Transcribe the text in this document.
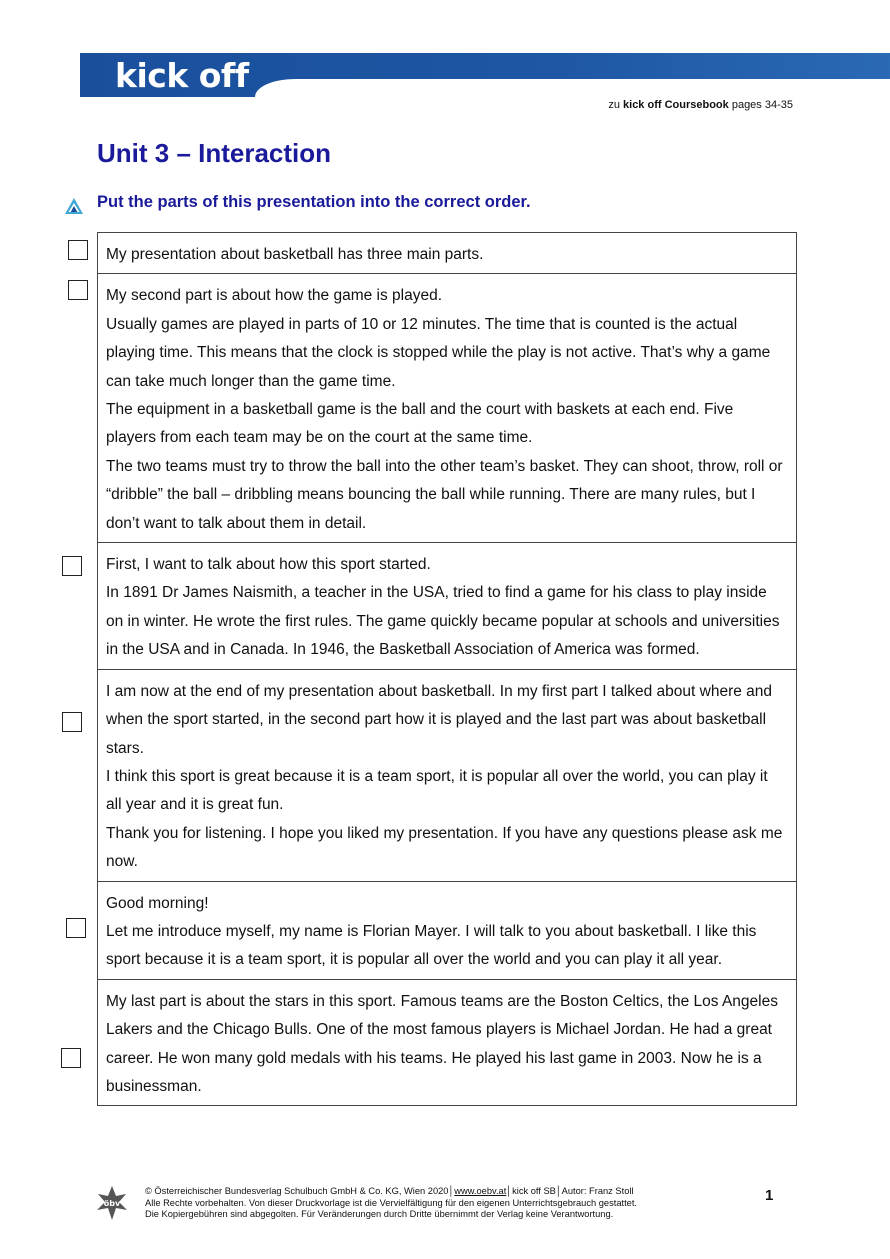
kick off
zu kick off Coursebook pages 34-35
Unit 3 – Interaction
Put the parts of this presentation into the correct order.

My presentation about basketball has three main parts.

My second part is about how the game is played.

Usually games are played in parts of 10 or 12 minutes. The time that is counted is the actual playing time. This means that the clock is stopped while the play is not active. That’s why a game can take much longer than the game time.

The equipment in a basketball game is the ball and the court with baskets at each end. Five players from each team may be on the court at the same time.

The two teams must try to throw the ball into the other team’s basket. They can shoot, throw, roll or “dribble” the ball – dribbling means bouncing the ball while running. There are many rules, but I don’t want to talk about them in detail.

First, I want to talk about how this sport started.

In 1891 Dr James Naismith, a teacher in the USA, tried to find a game for his class to play inside on in winter. He wrote the first rules. The game quickly became popular at schools and universities in the USA and in Canada. In 1946, the Basketball Association of America was formed.

I am now at the end of my presentation about basketball. In my first part I talked about where and when the sport started, in the second part how it is played and the last part was about basketball stars.

I think this sport is great because it is a team sport, it is popular all over the world, you can play it all year and it is great fun.

Thank you for listening. I hope you liked my presentation. If you have any questions please ask me now.

Good morning!

Let me introduce myself, my name is Florian Mayer. I will talk to you about basketball. I like this sport because it is a team sport, it is popular all over the world and you can play it all year.

My last part is about the stars in this sport. Famous teams are the Boston Celtics, the Los Angeles Lakers and the Chicago Bulls. One of the most famous players is Michael Jordan. He had a great career. He won many gold medals with his teams. He played his last game in 2003. Now he is a businessman.

öbv

© Österreichischer Bundesverlag Schulbuch GmbH & Co. KG, Wien 2020│www.oebv.at│kick off SB│Autor: Franz Stoll

Alle Rechte vorbehalten. Von dieser Druckvorlage ist die Vervielfältigung für den eigenen Unterrichtsgebrauch gestattet.

Die Kopiergebühren sind abgegolten. Für Veränderungen durch Dritte übernimmt der Verlag keine Verantwortung.

1
